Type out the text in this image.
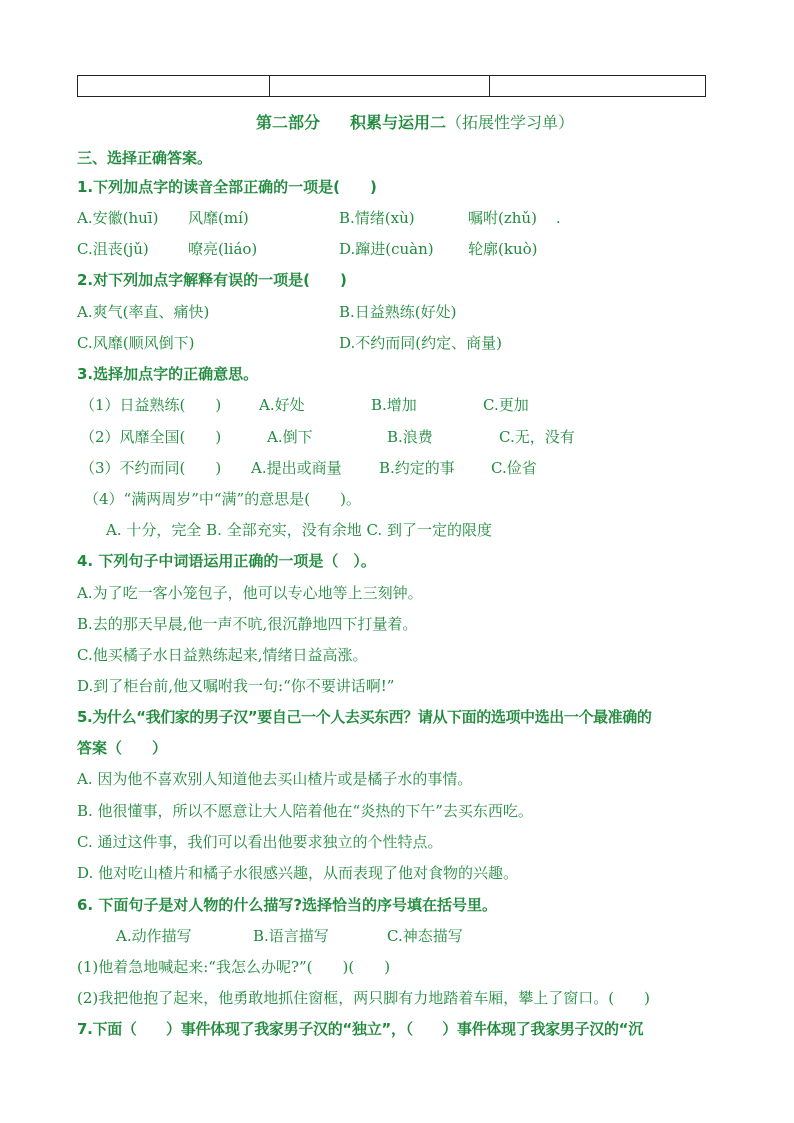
第二部分 积累与运用二（拓展性学习单）
三、选择正确答案。
1.下列加点字的读音全部正确的一项是(　　)
A.安徽(huī) 风靡(mí)	B.情绪(xù)	嘱咐(zhǔ) .
C.沮丧(jǔ)	嘹亮(liáo)	D.蹿进(cuàn) 轮廓(kuò)
2.对下列加点字解释有误的一项是(　　)
A.爽气(率直、痛快)	B.日益熟练(好处)
C.风靡(顺风倒下)	D.不约而同(约定、商量)
3.选择加点字的正确意思。
（1）日益熟练(　　)	A.好处	B.增加	C.更加
（2）风靡全国(　　)	A.倒下	B.浪费	C.无，没有
（3）不约而同(　　) A.提出或商量 B.约定的事 C.俭省
（4）“满两周岁”中“满”的意思是(　　)。
A. 十分，完全 B. 全部充实，没有余地 C. 到了一定的限度
4. 下列句子中词语运用正确的一项是（　）。
A.为了吃一客小笼包子，他可以专心地等上三刻钟。
B.去的那天早晨,他一声不吭,很沉静地四下打量着。
C.他买橘子水日益熟练起来,情绪日益高涨。
D.到了柜台前,他又嘱咐我一句:“你不要讲话啊!”
5.为什么“我们家的男子汉”要自己一个人去买东西？请从下面的选项中选出一个最准确的
答案（　　）
A. 因为他不喜欢别人知道他去买山楂片或是橘子水的事情。
B. 他很懂事，所以不愿意让大人陪着他在“炎热的下午”去买东西吃。
C. 通过这件事，我们可以看出他要求独立的个性特点。
D. 他对吃山楂片和橘子水很感兴趣，从而表现了他对食物的兴趣。
6. 下面句子是对人物的什么描写?选择恰当的序号填在括号里。
A.动作描写	B.语言描写	C.神态描写
(1)他着急地喊起来:“我怎么办呢?”(　　)(　　)
(2)我把他抱了起来，他勇敢地抓住窗框，两只脚有力地踏着车厢，攀上了窗口。(　　)
7.下面（　　）事件体现了我家男子汉的“独立”，（　　）事件体现了我家男子汉的“沉
